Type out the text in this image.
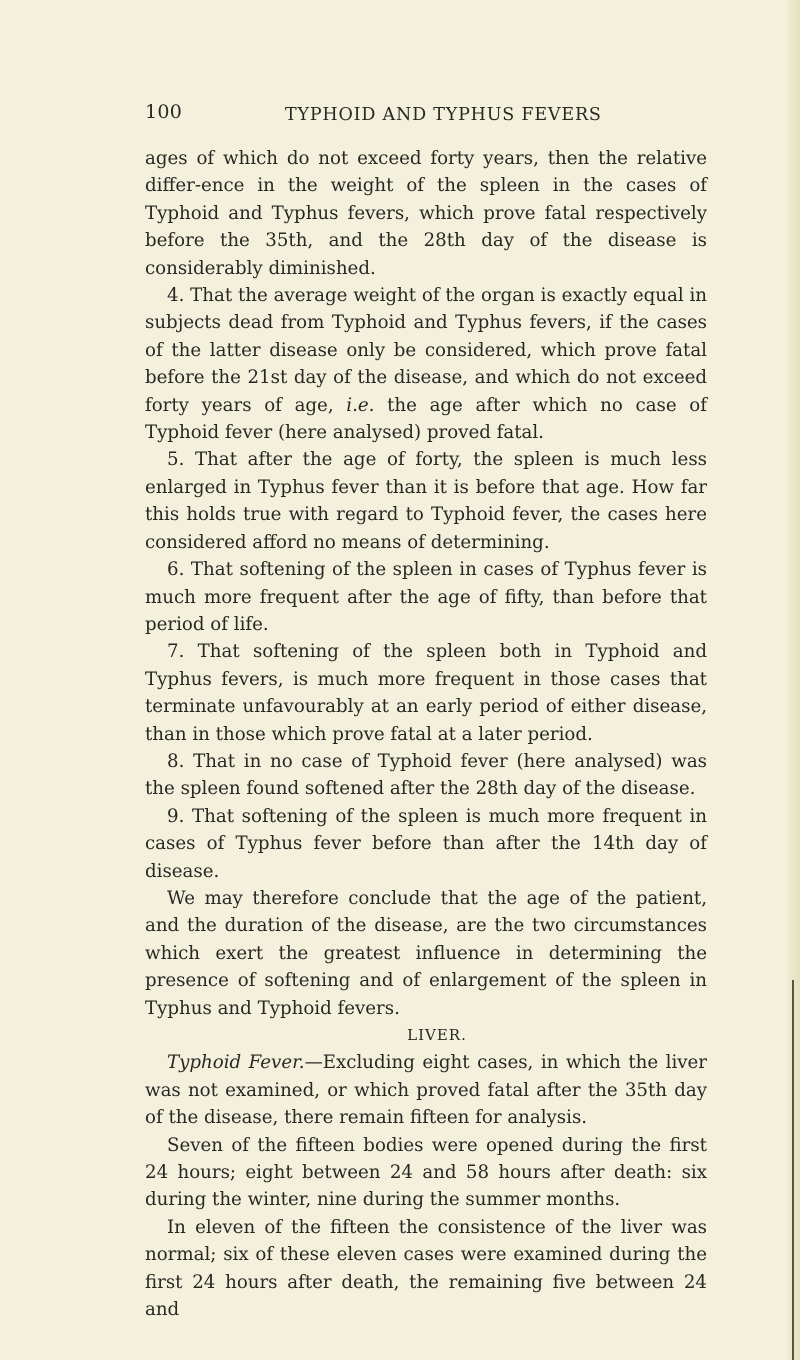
100	TYPHOID AND TYPHUS FEVERS

ages of which do not exceed forty years, then the relative differ-ence in the weight of the spleen in the cases of Typhoid and Typhus fevers, which prove fatal respectively before the 35th, and the 28th day of the disease is considerably diminished.

4. That the average weight of the organ is exactly equal in subjects dead from Typhoid and Typhus fevers, if the cases of the latter disease only be considered, which prove fatal before the 21st day of the disease, and which do not exceed forty years of age, i.e. the age after which no case of Typhoid fever (here analysed) proved fatal.

5. That after the age of forty, the spleen is much less enlarged in Typhus fever than it is before that age. How far this holds true with regard to Typhoid fever, the cases here considered afford no means of determining.

6. That softening of the spleen in cases of Typhus fever is much more frequent after the age of fifty, than before that period of life.

7. That softening of the spleen both in Typhoid and Typhus fevers, is much more frequent in those cases that terminate unfavourably at an early period of either disease, than in those which prove fatal at a later period.

8. That in no case of Typhoid fever (here analysed) was the spleen found softened after the 28th day of the disease.

9. That softening of the spleen is much more frequent in cases of Typhus fever before than after the 14th day of disease.

We may therefore conclude that the age of the patient, and the duration of the disease, are the two circumstances which exert the greatest influence in determining the presence of softening and of enlargement of the spleen in Typhus and Typhoid fevers.

LIVER.

Typhoid Fever.—Excluding eight cases, in which the liver was not examined, or which proved fatal after the 35th day of the disease, there remain fifteen for analysis.

Seven of the fifteen bodies were opened during the first 24 hours; eight between 24 and 58 hours after death: six during the winter, nine during the summer months.

In eleven of the fifteen the consistence of the liver was normal; six of these eleven cases were examined during the first 24 hours after death, the remaining five between 24 and
